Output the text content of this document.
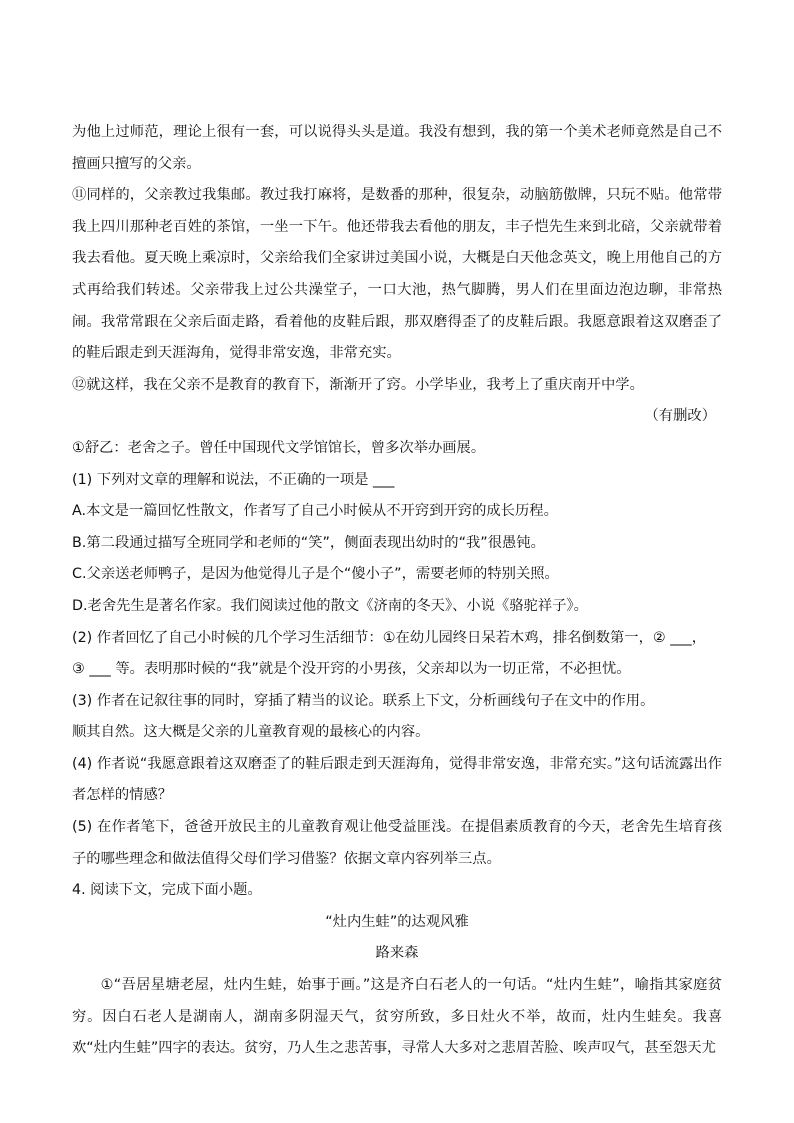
为他上过师范，理论上很有一套，可以说得头头是道。我没有想到，我的第一个美术老师竟然是自己不擅画只擅写的父亲。

⑪同样的，父亲教过我集邮。教过我打麻将，是数番的那种，很复杂，动脑筋傲牌，只玩不贴。他常带我上四川那种老百姓的茶馆，一坐一下午。他还带我去看他的朋友，丰子恺先生来到北碚，父亲就带着我去看他。夏天晚上乘凉时，父亲给我们全家讲过美国小说，大概是白天他念英文，晚上用他自己的方式再给我们转述。父亲带我上过公共澡堂子，一口大池，热气脚腾，男人们在里面边泡边聊，非常热闹。我常常跟在父亲后面走路，看着他的皮鞋后跟，那双磨得歪了的皮鞋后跟。我愿意跟着这双磨歪了的鞋后跟走到天涯海角，觉得非常安逸，非常充实。

⑫就这样，我在父亲不是教育的教育下，渐渐开了窍。小学毕业，我考上了重庆南开中学。

（有删改）

①舒乙：老舍之子。曾任中国现代文学馆馆长，曾多次举办画展。

(1) 下列对文章的理解和说法，不正确的一项是 ___

A.本文是一篇回忆性散文，作者写了自己小时候从不开窍到开窍的成长历程。

B.第二段通过描写全班同学和老师的“笑”，侧面表现出幼时的“我”很愚钝。

C.父亲送老师鸭子，是因为他觉得儿子是个“傻小子”，需要老师的特别关照。

D.老舍先生是著名作家。我们阅读过他的散文《济南的冬天》、小说《骆驼祥子》。

(2) 作者回忆了自己小时候的几个学习生活细节：①在幼儿园终日呆若木鸡，排名倒数第一，② ___，

③ ___ 等。表明那时候的“我”就是个没开窍的小男孩，父亲却以为一切正常，不必担忧。

(3) 作者在记叙往事的同时，穿插了精当的议论。联系上下文，分析画线句子在文中的作用。

顺其自然。这大概是父亲的儿童教育观的最核心的内容。

(4) 作者说“我愿意跟着这双磨歪了的鞋后跟走到天涯海角，觉得非常安逸，非常充实。”这句话流露出作者怎样的情感？

(5) 在作者笔下，爸爸开放民主的儿童教育观让他受益匪浅。在提倡素质教育的今天，老舍先生培育孩子的哪些理念和做法值得父母们学习借鉴？依据文章内容列举三点。

4. 阅读下文，完成下面小题。

“灶内生蛙”的达观风雅

路来森

①“吾居星塘老屋，灶内生蛙，始事于画。”这是齐白石老人的一句话。“灶内生蛙”，喻指其家庭贫穷。因白石老人是湖南人，湖南多阴湿天气，贫穷所致，多日灶火不举，故而，灶内生蛙矣。我喜欢“灶内生蛙”四字的表达。贫穷，乃人生之悲苦事，寻常人大多对之悲眉苦脸、唉声叹气，甚至怨天尤
